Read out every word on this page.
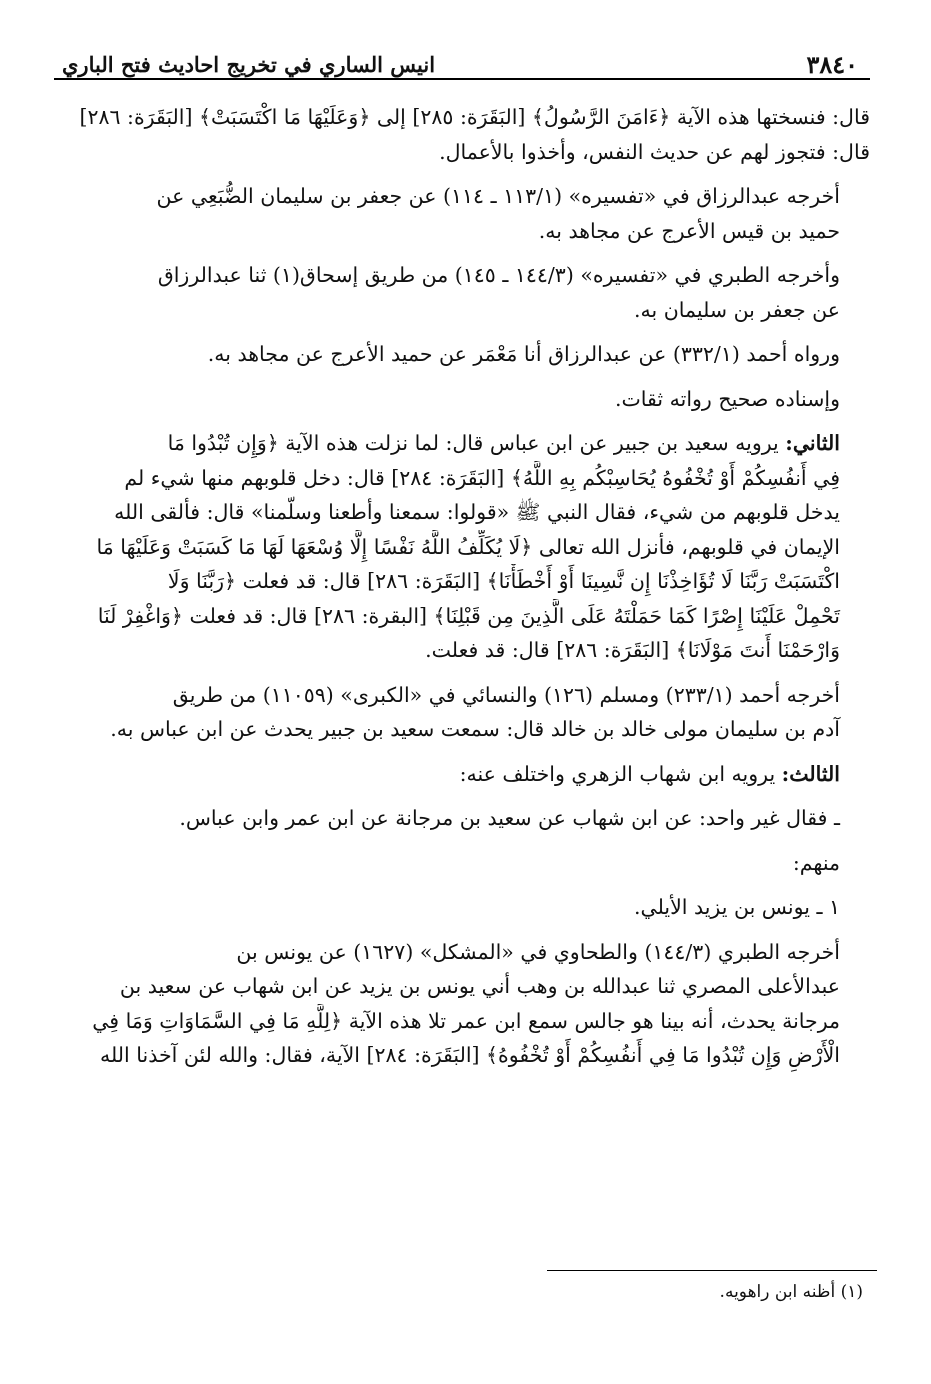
٣٨٤٠
انيس الساري في تخريج احاديث فتح الباري

قال: فنسختها هذه الآية ﴿ءَامَنَ الرَّسُولُ﴾ [البَقَرَة: ٢٨٥] إلى ﴿وَعَلَيْهَا مَا اكْتَسَبَتْ﴾ [البَقَرَة: ٢٨٦]
قال: فتجوز لهم عن حديث النفس، وأخذوا بالأعمال.

أخرجه عبدالرزاق في «تفسيره» (١١٣/١ ـ ١١٤) عن جعفر بن سليمان الضُّبَعِي عن
حميد بن قيس الأعرج عن مجاهد به.

وأخرجه الطبري في «تفسيره» (١٤٤/٣ ـ ١٤٥) من طريق إسحاق(١) ثنا عبدالرزاق
عن جعفر بن سليمان به.

ورواه أحمد (٣٣٢/١) عن عبدالرزاق أنا مَعْمَر عن حميد الأعرج عن مجاهد به.

وإسناده صحيح رواته ثقات.

الثاني: يرويه سعيد بن جبير عن ابن عباس قال: لما نزلت هذه الآية ﴿وَإِن تُبْدُوا مَا
فِي أَنفُسِكُمْ أَوْ تُخْفُوهُ يُحَاسِبْكُم بِهِ اللَّهُ﴾ [البَقَرَة: ٢٨٤] قال: دخل قلوبهم منها شيء لم
يدخل قلوبهم من شيء، فقال النبي ﷺ «قولوا: سمعنا وأطعنا وسلّمنا» قال: فألقى الله
الإيمان في قلوبهم، فأنزل الله تعالى ﴿لَا يُكَلِّفُ اللَّهُ نَفْسًا إِلَّا وُسْعَهَا لَهَا مَا كَسَبَتْ وَعَلَيْهَا مَا
اكْتَسَبَتْ رَبَّنَا لَا تُؤَاخِذْنَا إِن نَّسِينَا أَوْ أَخْطَأْنَا﴾ [البَقَرَة: ٢٨٦] قال: قد فعلت ﴿رَبَّنَا وَلَا
تَحْمِلْ عَلَيْنَا إِصْرًا كَمَا حَمَلْتَهُ عَلَى الَّذِينَ مِن قَبْلِنَا﴾ [البقرة: ٢٨٦] قال: قد فعلت ﴿وَاغْفِرْ لَنَا
وَارْحَمْنَا أَنتَ مَوْلَانَا﴾ [البَقَرَة: ٢٨٦] قال: قد فعلت.

أخرجه أحمد (٢٣٣/١) ومسلم (١٢٦) والنسائي في «الكبرى» (١١٠٥٩) من طريق
آدم بن سليمان مولى خالد بن خالد قال: سمعت سعيد بن جبير يحدث عن ابن عباس به.

الثالث: يرويه ابن شهاب الزهري واختلف عنه:

ـ فقال غير واحد: عن ابن شهاب عن سعيد بن مرجانة عن ابن عمر وابن عباس.

منهم:

١ ـ يونس بن يزيد الأيلي.

أخرجه الطبري (١٤٤/٣) والطحاوي في «المشكل» (١٦٢٧) عن يونس بن
عبدالأعلى المصري ثنا عبدالله بن وهب أني يونس بن يزيد عن ابن شهاب عن سعيد بن
مرجانة يحدث، أنه بينا هو جالس سمع ابن عمر تلا هذه الآية ﴿لِلَّهِ مَا فِي السَّمَاوَاتِ وَمَا فِي
الْأَرْضِ وَإِن تُبْدُوا مَا فِي أَنفُسِكُمْ أَوْ تُخْفُوهُ﴾ [البَقَرَة: ٢٨٤] الآية، فقال: والله لئن آخذنا الله

(١) أظنه ابن راهويه.
